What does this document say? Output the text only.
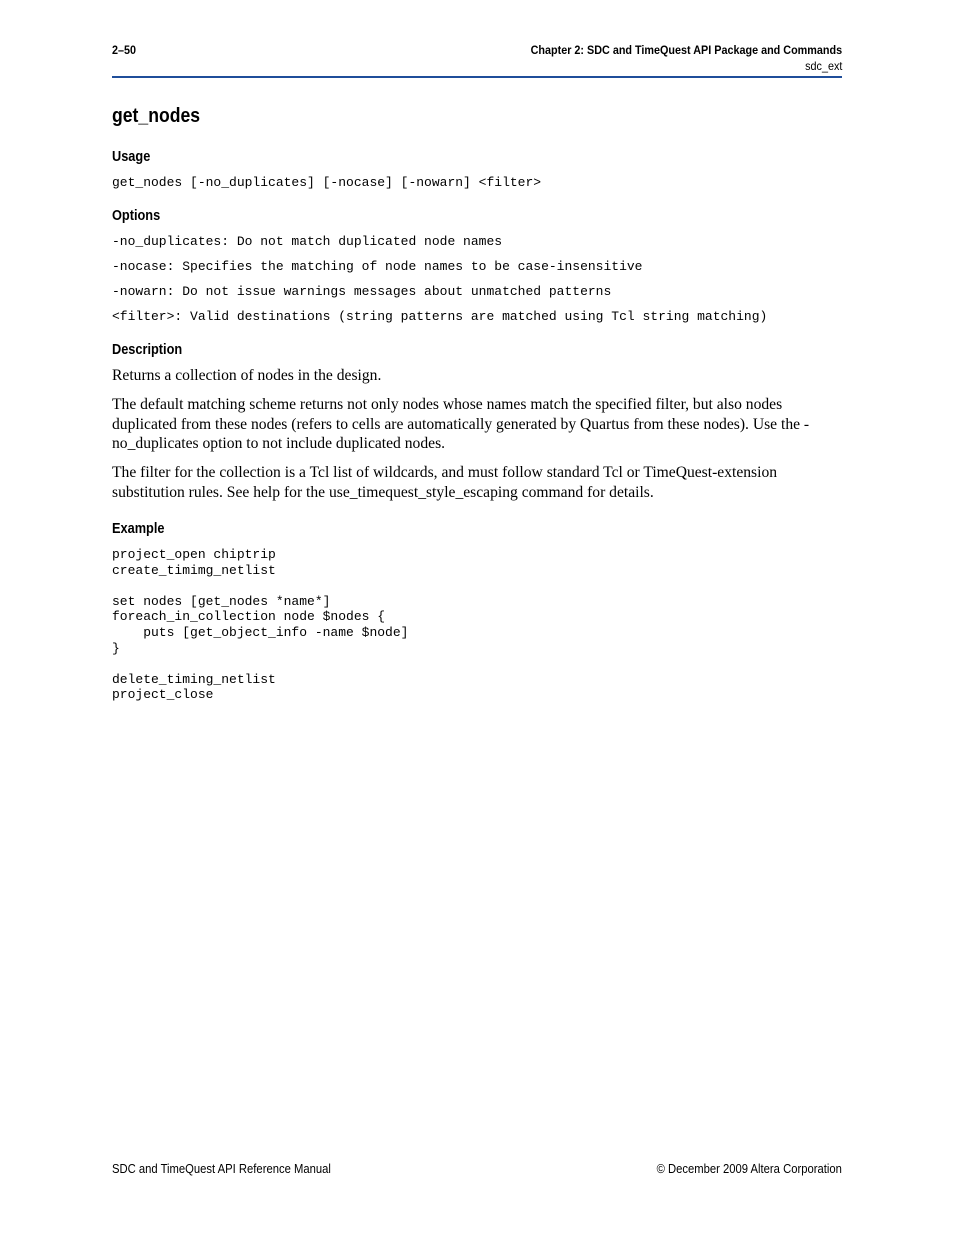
2–50	Chapter 2: SDC and TimeQuest API Package and Commands
sdc_ext
get_nodes
Usage
get_nodes [-no_duplicates] [-nocase] [-nowarn] <filter>
Options
-no_duplicates: Do not match duplicated node names
-nocase: Specifies the matching of node names to be case-insensitive
-nowarn: Do not issue warnings messages about unmatched patterns
<filter>: Valid destinations (string patterns are matched using Tcl string matching)
Description
Returns a collection of nodes in the design.
The default matching scheme returns not only nodes whose names match the specified filter, but also nodes duplicated from these nodes (refers to cells are automatically generated by Quartus from these nodes). Use the -no_duplicates option to not include duplicated nodes.
The filter for the collection is a Tcl list of wildcards, and must follow standard Tcl or TimeQuest-extension substitution rules. See help for the use_timequest_style_escaping command for details.
Example
project_open chiptrip
create_timimg_netlist

set nodes [get_nodes *name*]
foreach_in_collection node $nodes {
puts [get_object_info -name $node]
}

delete_timing_netlist
project_close
SDC and TimeQuest API Reference Manual	© December 2009 Altera Corporation
